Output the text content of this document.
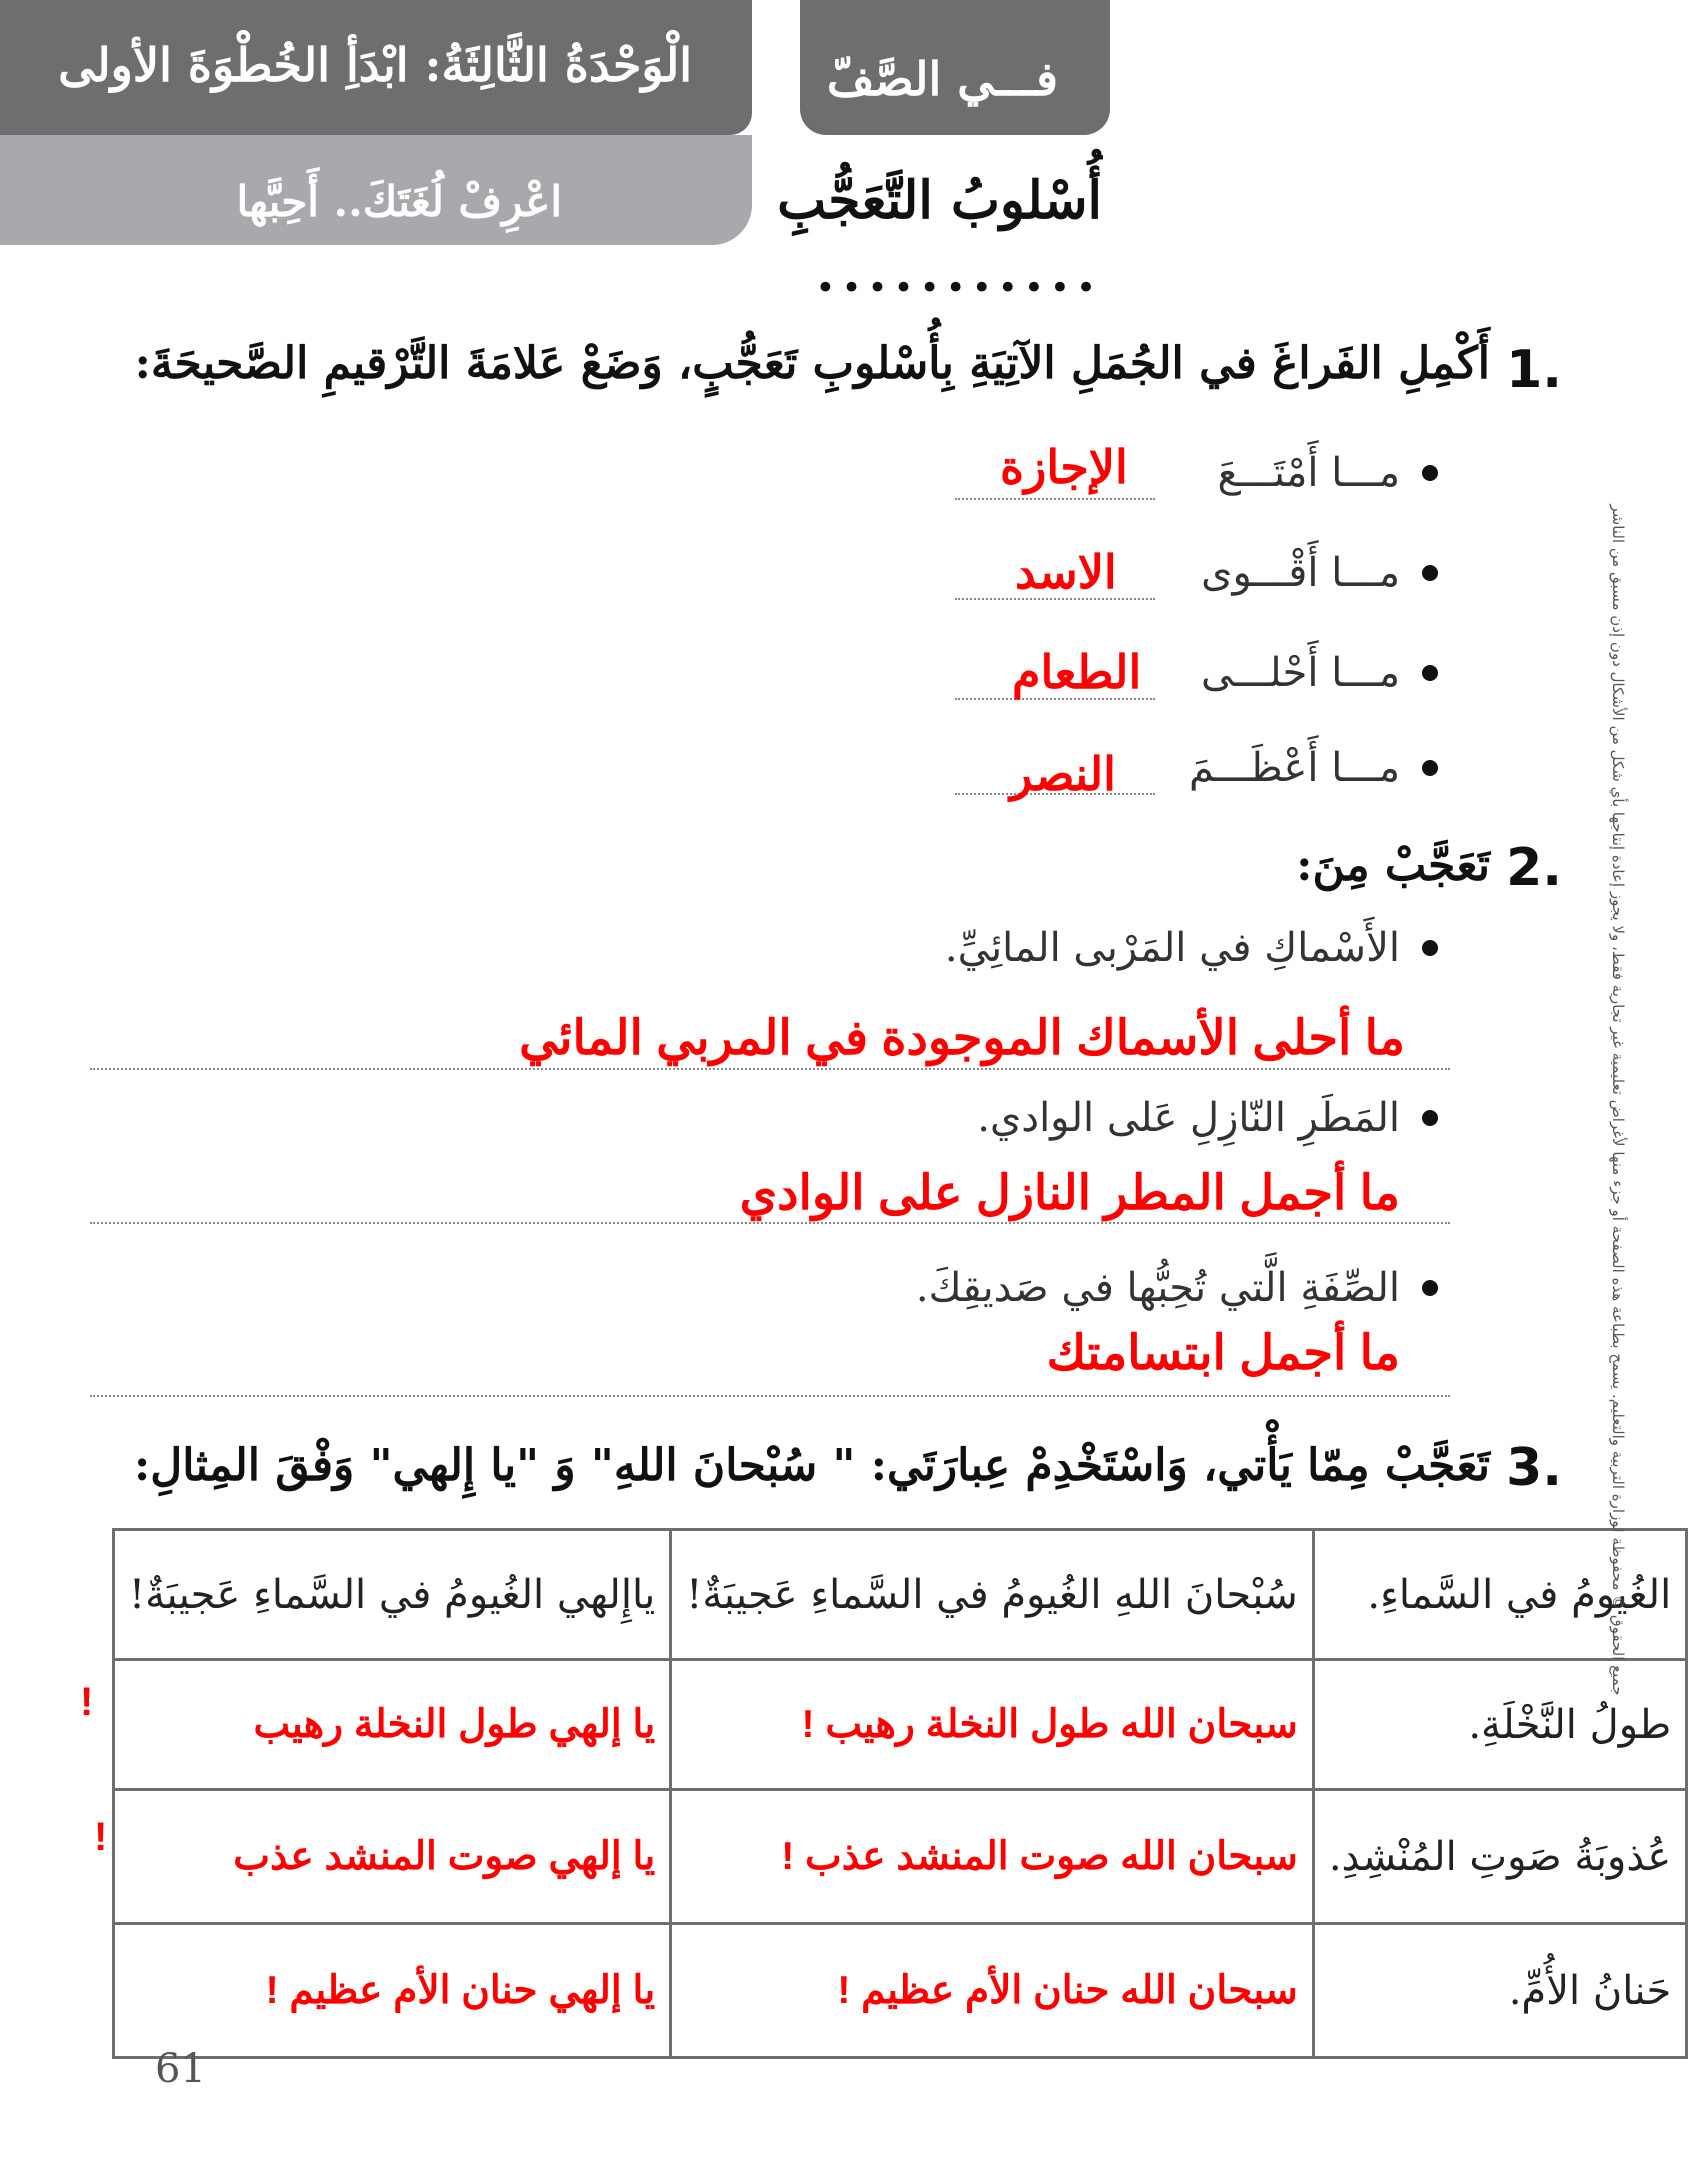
الْوَحْدَةُ الثَّالِثَةُ: ابْدَأِ الخُطْوَةَ الأولى
اعْرِفْ لُغَتَكَ.. أَحِبَّها
فـــي الصَّفّ
أُسْلوبُ التَّعَجُّبِ
•••••••••••
1.
أَكْمِلِ الفَراغَ في الجُمَلِ الآتِيَةِ بِأُسْلوبِ تَعَجُّبٍ، وَضَعْ عَلامَةَ التَّرْقيمِ الصَّحيحَةَ:
مـــا أَمْتَـــعَ
الإجازة
مـــا أَقْـــوى
الاسد
مـــا أَحْلـــى
الطعام
مـــا أَعْظَـــمَ
النصر
2.
تَعَجَّبْ مِنَ:
الأَسْماكِ في المَرْبى المائِيِّ.
ما أحلى الأسماك الموجودة في المربي المائي
المَطَرِ النّازِلِ عَلى الوادي.
ما أجمل المطر النازل على الوادي
الصِّفَةِ الَّتي تُحِبُّها في صَديقِكَ.
ما أجمل ابتسامتك
3.
تَعَجَّبْ مِمّا يَأْتي، وَاسْتَخْدِمْ عِبارَتَي: " سُبْحانَ اللهِ" وَ "يا إِلهي" وَفْقَ المِثالِ:
الغُيومُ في السَّماءِ.	سُبْحانَ اللهِ الغُيومُ في السَّماءِ عَجيبَةٌ!	ياإِلهي الغُيومُ في السَّماءِ عَجيبَةٌ!
طولُ النَّخْلَةِ.	سبحان الله طول النخلة رهيب !	يا إلهي طول النخلة رهيب
عُذوبَةُ صَوتِ المُنْشِدِ.	سبحان الله صوت المنشد عذب !	يا إلهي صوت المنشد عذب
حَنانُ الأُمِّ.	سبحان الله حنان الأم عظيم !	يا إلهي حنان الأم عظيم !
!
!
61
جميع الحقوق © محفوظة لوزارة التربية والتعليم. يسمح بطباعة هذه الصفحة أو جزء منها لأغراض تعليمية غير تجارية فقط، ولا يجوز إعادة إنتاجها بأي شكل من الأشكال دون إذن مسبق من الناشر
